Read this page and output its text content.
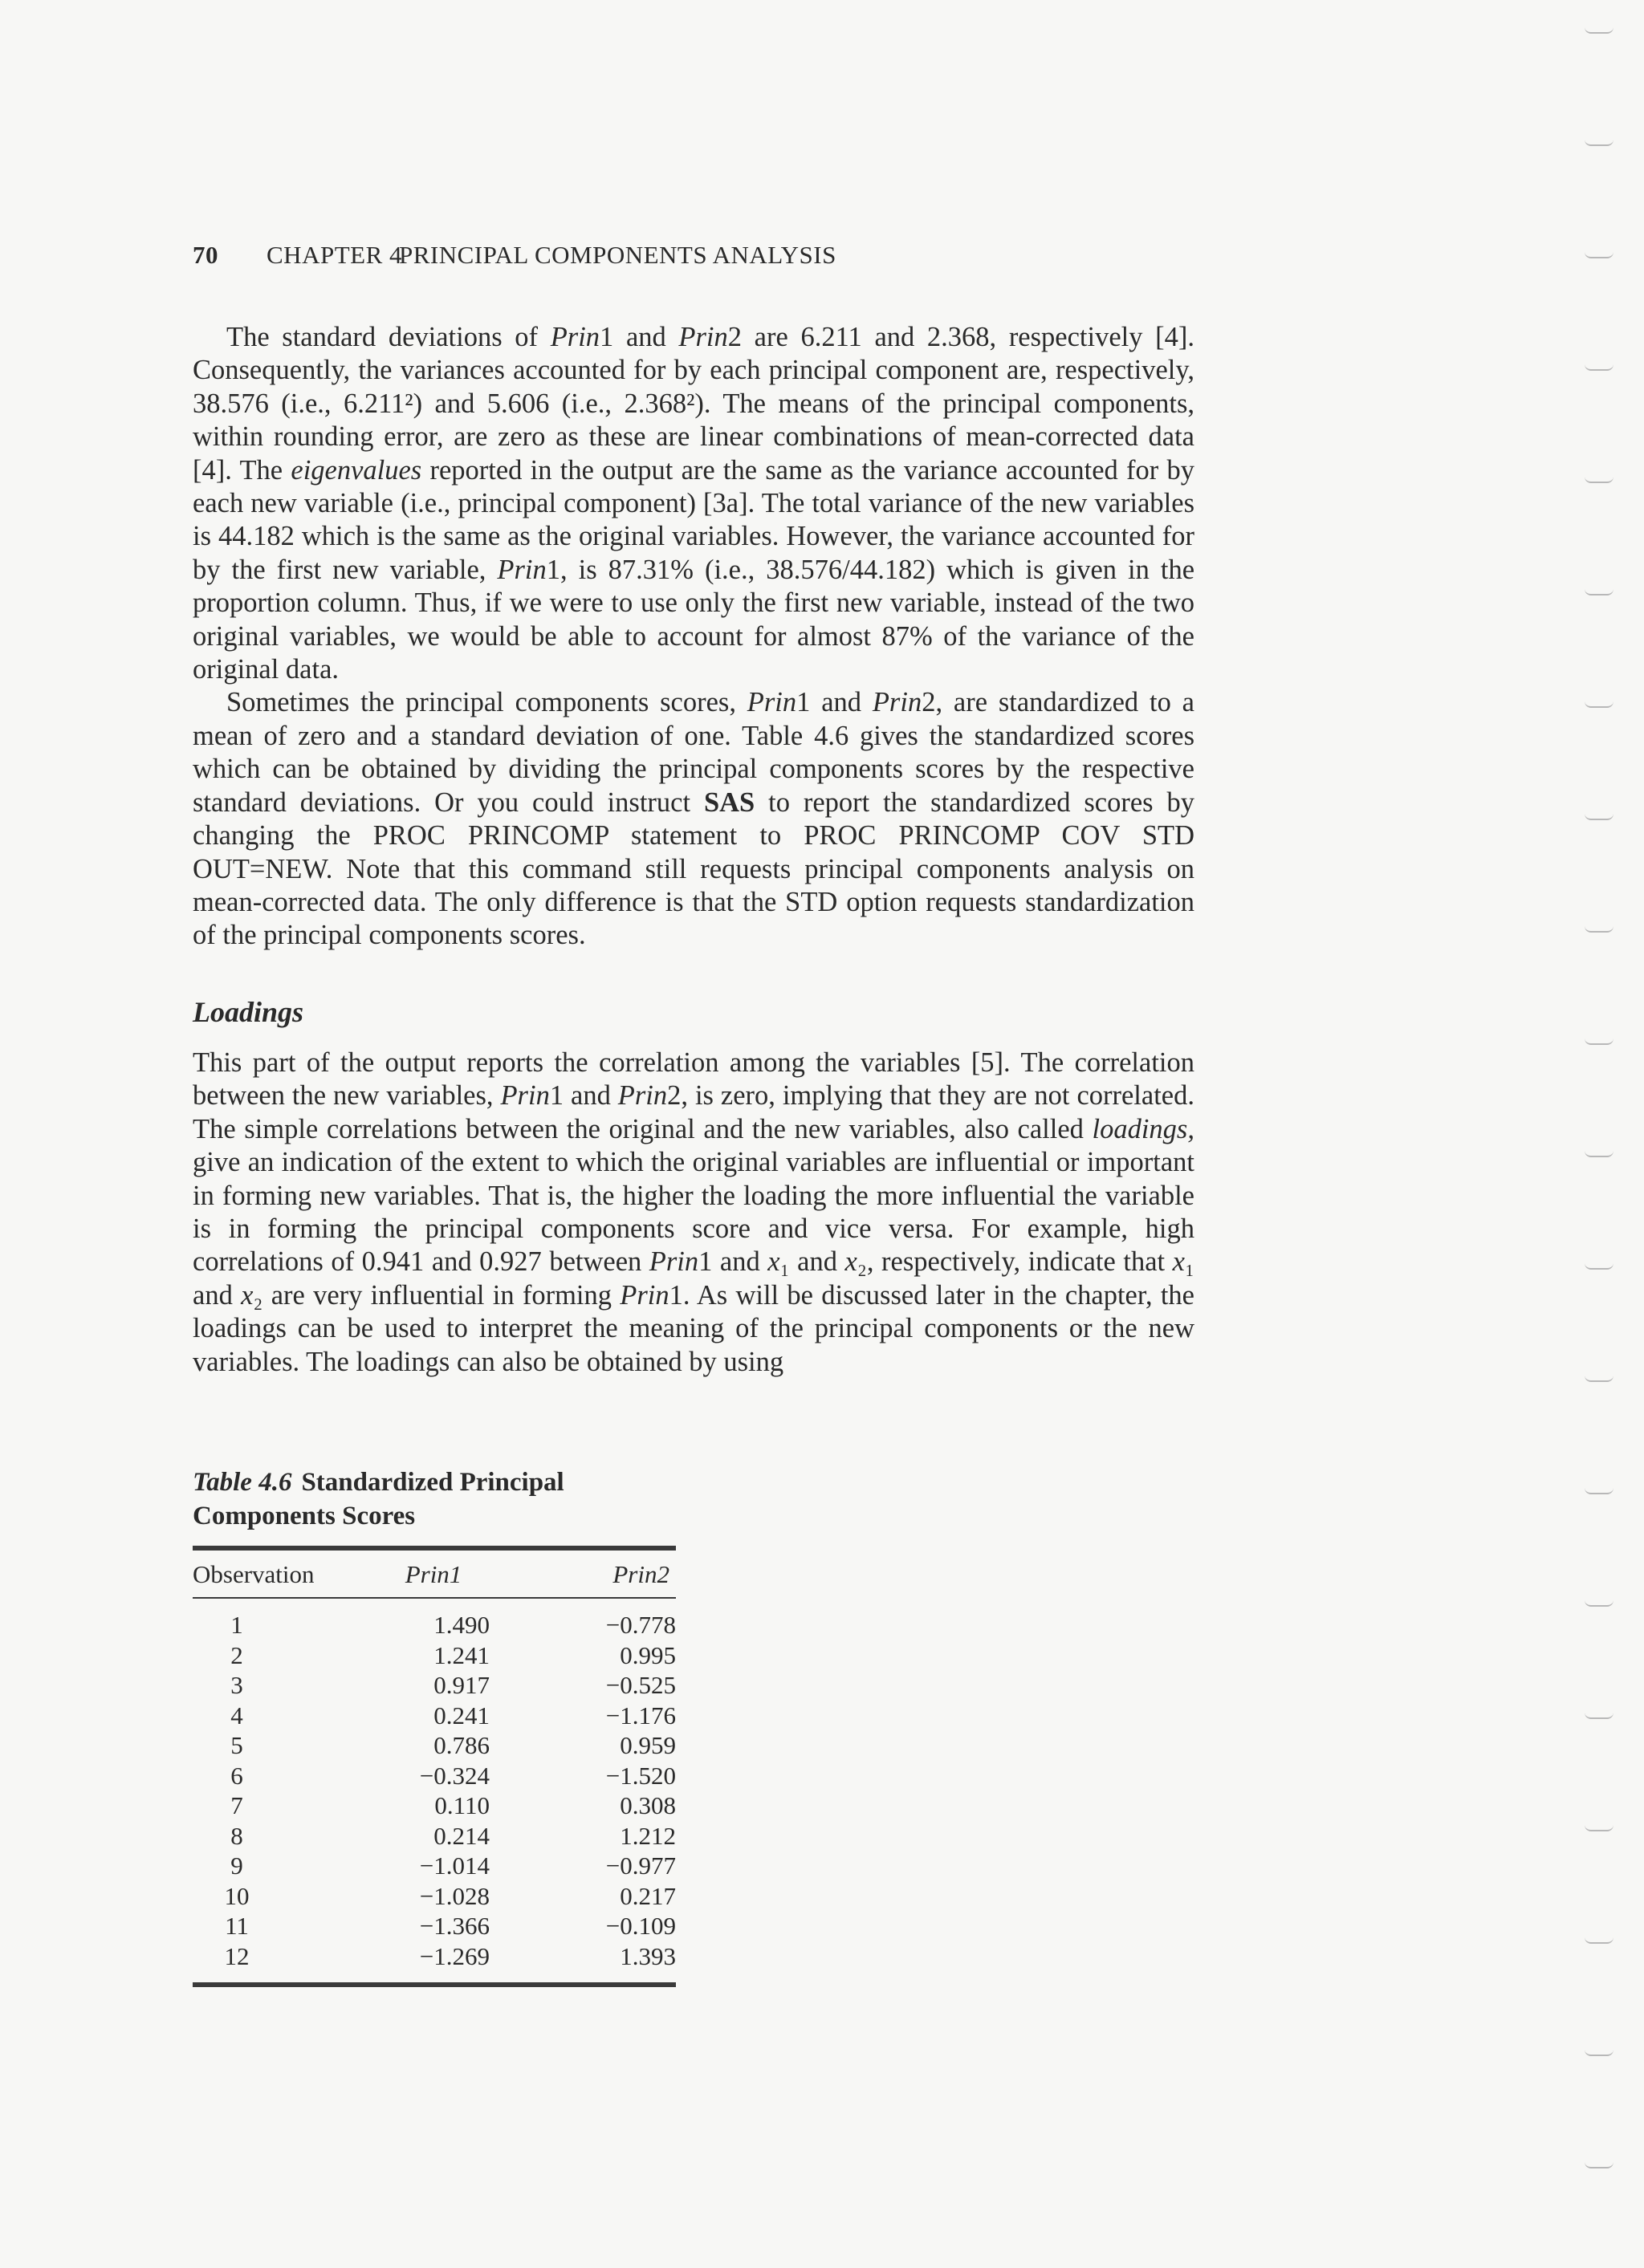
70 CHAPTER 4PRINCIPAL COMPONENTS ANALYSIS

The standard deviations of Prin1 and Prin2 are 6.211 and 2.368, respectively [4]. Consequently, the variances accounted for by each principal component are, respectively, 38.576 (i.e., 6.211²) and 5.606 (i.e., 2.368²). The means of the principal components, within rounding error, are zero as these are linear combinations of mean-corrected data [4]. The eigenvalues reported in the output are the same as the variance accounted for by each new variable (i.e., principal component) [3a]. The total variance of the new variables is 44.182 which is the same as the original variables. However, the variance accounted for by the first new variable, Prin1, is 87.31% (i.e., 38.576/44.182) which is given in the proportion column. Thus, if we were to use only the first new variable, instead of the two original variables, we would be able to account for almost 87% of the variance of the original data.

Sometimes the principal components scores, Prin1 and Prin2, are standardized to a mean of zero and a standard deviation of one. Table 4.6 gives the standardized scores which can be obtained by dividing the principal components scores by the respective standard deviations. Or you could instruct SAS to report the standardized scores by changing the PROC PRINCOMP statement to PROC PRINCOMP COV STD OUT=NEW. Note that this command still requests principal components analysis on mean-corrected data. The only difference is that the STD option requests standardization of the principal components scores.

Loadings

This part of the output reports the correlation among the variables [5]. The correlation between the new variables, Prin1 and Prin2, is zero, implying that they are not correlated. The simple correlations between the original and the new variables, also called loadings, give an indication of the extent to which the original variables are influential or important in forming new variables. That is, the higher the loading the more influential the variable is in forming the principal components score and vice versa. For example, high correlations of 0.941 and 0.927 between Prin1 and x₁ and x₂, respectively, indicate that x₁ and x₂ are very influential in forming Prin1. As will be discussed later in the chapter, the loadings can be used to interpret the meaning of the principal components or the new variables. The loadings can also be obtained by using

Table 4.6 Standardized Principal
Components Scores
Observation	Prin1	Prin2
1	1.490	−0.778
2	1.241	0.995
3	0.917	−0.525
4	0.241	−1.176
5	0.786	0.959
6	−0.324	−1.520
7	0.110	0.308
8	0.214	1.212
9	−1.014	−0.977
10	−1.028	0.217
11	−1.366	−0.109
12	−1.269	1.393
